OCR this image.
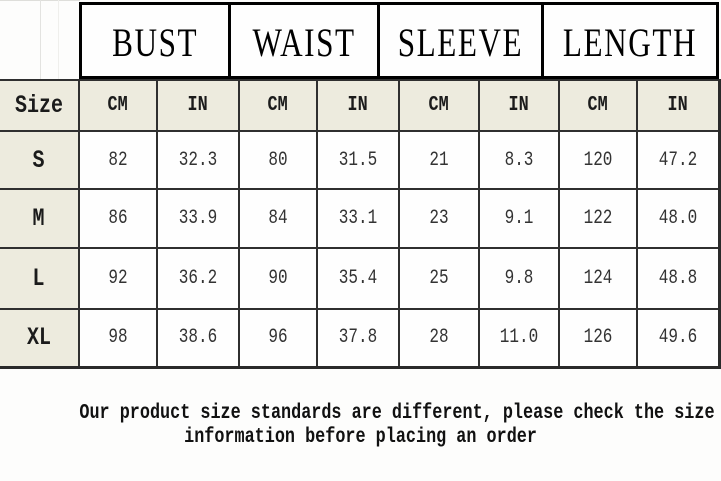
BUST WAIST SLEEVE LENGTH
Size	CM	IN	CM	IN	CM	IN	CM	IN
S	82	32.3	80	31.5	21	8.3	120	47.2
M	86	33.9	84	33.1	23	9.1	122	48.0
L	92	36.2	90	35.4	25	9.8	124	48.8
XL	98	38.6	96	37.8	28	11.0	126	49.6
Our product size standards are different, please check the size
information before placing an order
